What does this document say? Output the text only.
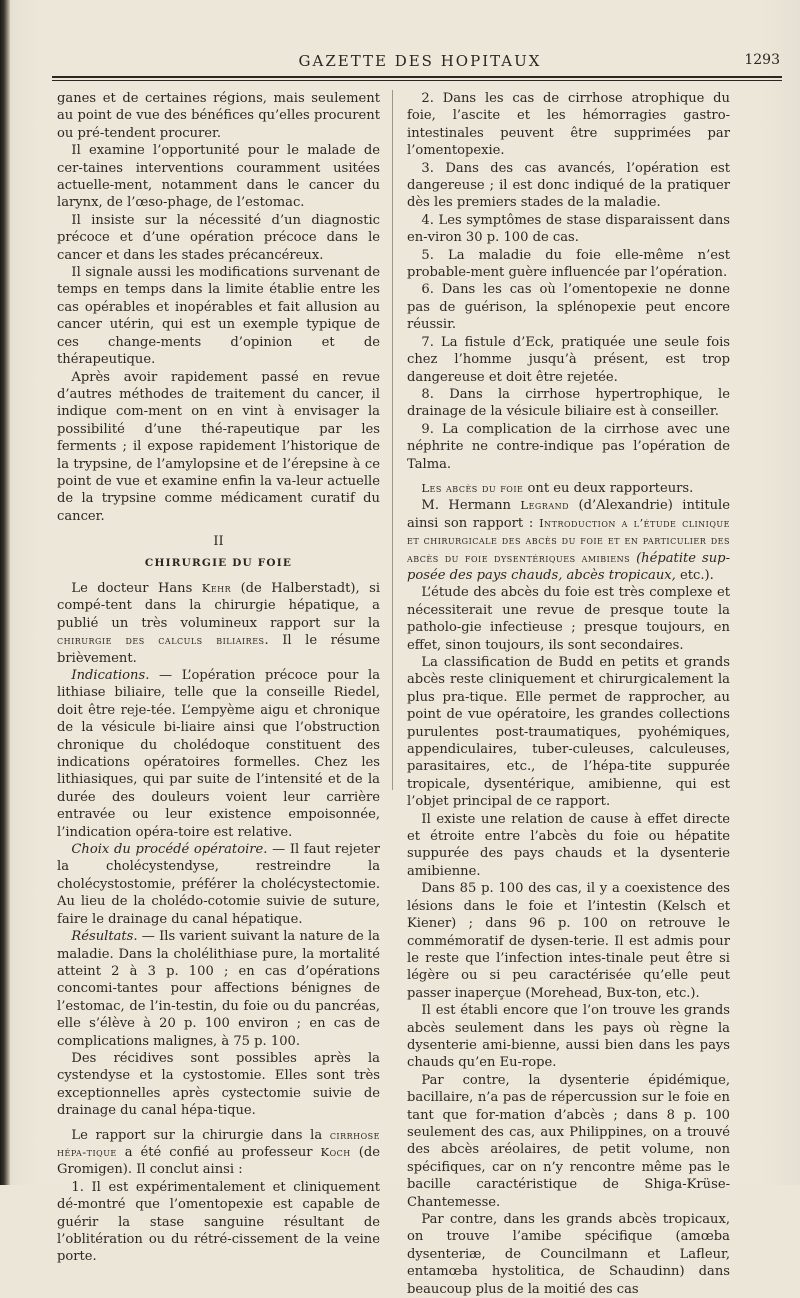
GAZETTE DES HOPITAUX	1293

ganes et de certaines régions, mais seulement au point de vue des bénéfices qu’elles procurent ou pré-tendent procurer.

Il examine l’opportunité pour le malade de cer-taines interventions couramment usitées actuelle-ment, notamment dans le cancer du larynx, de l’œso-phage, de l’estomac.

Il insiste sur la nécessité d’un diagnostic précoce et d’une opération précoce dans le cancer et dans les stades précancéreux.

Il signale aussi les modifications survenant de temps en temps dans la limite établie entre les cas opérables et inopérables et fait allusion au cancer utérin, qui est un exemple typique de ces change-ments d’opinion et de thérapeutique.

Après avoir rapidement passé en revue d’autres méthodes de traitement du cancer, il indique com-ment on en vint à envisager la possibilité d’une thé-rapeutique par les ferments ; il expose rapidement l’historique de la trypsine, de l’amylopsine et de l’érepsine à ce point de vue et examine enfin la va-leur actuelle de la trypsine comme médicament curatif du cancer.

II
CHIRURGIE DU FOIE

Le docteur Hans Kehr (de Halberstadt), si compé-tent dans la chirurgie hépatique, a publié un très volumineux rapport sur la chirurgie des calculs biliaires. Il le résume brièvement.

Indications. — L’opération précoce pour la lithiase biliaire, telle que la conseille Riedel, doit être reje-tée. L’empyème aigu et chronique de la vésicule bi-liaire ainsi que l’obstruction chronique du cholédoque constituent des indications opératoires formelles. Chez les lithiasiques, qui par suite de l’intensité et de la durée des douleurs voient leur carrière entravée ou leur existence empoisonnée, l’indication opéra-toire est relative.

Choix du procédé opératoire. — Il faut rejeter la cholécystendyse, restreindre la cholécystostomie, préférer la cholécystectomie. Au lieu de la cholédo-cotomie suivie de suture, faire le drainage du canal hépatique.

Résultats. — Ils varient suivant la nature de la maladie. Dans la cholélithiase pure, la mortalité atteint 2 à 3 p. 100 ; en cas d’opérations concomi-tantes pour affections bénignes de l’estomac, de l’in-testin, du foie ou du pancréas, elle s’élève à 20 p. 100 environ ; en cas de complications malignes, à 75 p. 100.

Des récidives sont possibles après la cystendyse et la cystostomie. Elles sont très exceptionnelles après cystectomie suivie de drainage du canal hépa-tique.

Le rapport sur la chirurgie dans la cirrhose hépa-tique a été confié au professeur Koch (de Gromigen). Il conclut ainsi :

1. Il est expérimentalement et cliniquement dé-montré que l’omentopexie est capable de guérir la stase sanguine résultant de l’oblitération ou du rétré-cissement de la veine porte.

2. Dans les cas de cirrhose atrophique du foie, l’ascite et les hémorragies gastro-intestinales peuvent être supprimées par l’omentopexie.

3. Dans des cas avancés, l’opération est dangereuse ; il est donc indiqué de la pratiquer dès les premiers stades de la maladie.

4. Les symptômes de stase disparaissent dans en-viron 30 p. 100 de cas.

5. La maladie du foie elle-même n’est probable-ment guère influencée par l’opération.

6. Dans les cas où l’omentopexie ne donne pas de guérison, la splénopexie peut encore réussir.

7. La fistule d’Eck, pratiquée une seule fois chez l’homme jusqu’à présent, est trop dangereuse et doit être rejetée.

8. Dans la cirrhose hypertrophique, le drainage de la vésicule biliaire est à conseiller.

9. La complication de la cirrhose avec une néphrite ne contre-indique pas l’opération de Talma.

Les abcès du foie ont eu deux rapporteurs.

M. Hermann Legrand (d’Alexandrie) intitule ainsi son rapport : Introduction a l’étude clinique et chirurgicale des abcès du foie et en particulier des abcès du foie dysentériques amibiens (hépatite sup-posée des pays chauds, abcès tropicaux, etc.).

L’étude des abcès du foie est très complexe et nécessiterait une revue de presque toute la patholo-gie infectieuse ; presque toujours, en effet, sinon toujours, ils sont secondaires.

La classification de Budd en petits et grands abcès reste cliniquement et chirurgicalement la plus pra-tique. Elle permet de rapprocher, au point de vue opératoire, les grandes collections purulentes post-traumatiques, pyohémiques, appendiculaires, tuber-culeuses, calculeuses, parasitaires, etc., de l’hépa-tite suppurée tropicale, dysentérique, amibienne, qui est l’objet principal de ce rapport.

Il existe une relation de cause à effet directe et étroite entre l’abcès du foie ou hépatite suppurée des pays chauds et la dysenterie amibienne.

Dans 85 p. 100 des cas, il y a coexistence des lésions dans le foie et l’intestin (Kelsch et Kiener) ; dans 96 p. 100 on retrouve le commémoratif de dysen-terie. Il est admis pour le reste que l’infection intes-tinale peut être si légère ou si peu caractérisée qu’elle peut passer inaperçue (Morehead, Bux-ton, etc.).

Il est établi encore que l’on trouve les grands abcès seulement dans les pays où règne la dysenterie ami-bienne, aussi bien dans les pays chauds qu’en Eu-rope.

Par contre, la dysenterie épidémique, bacillaire, n’a pas de répercussion sur le foie en tant que for-mation d’abcès ; dans 8 p. 100 seulement des cas, aux Philippines, on a trouvé des abcès aréolaires, de petit volume, non spécifiques, car on n’y rencontre même pas le bacille caractéristique de Shiga-Krüse-Chantemesse.

Par contre, dans les grands abcès tropicaux, on trouve l’amibe spécifique (amœba dysenteriæ, de Councilmann et Lafleur, entamœba hystolitica, de Schaudinn) dans beaucoup plus de la moitié des cas
